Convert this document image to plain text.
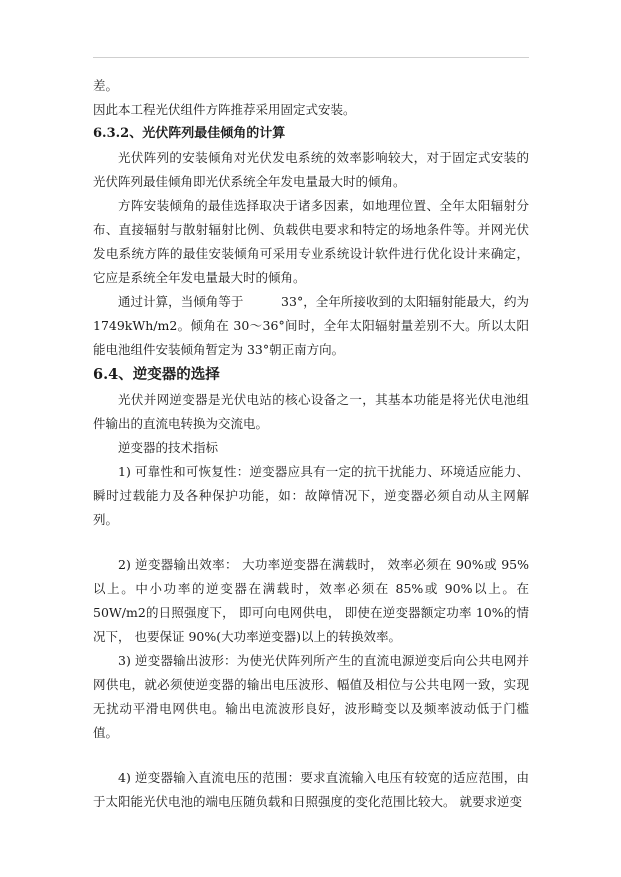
差。

因此本工程光伏组件方阵推荐采用固定式安装。

6.3.2、光伏阵列最佳倾角的计算

光伏阵列的安装倾角对光伏发电系统的效率影响较大，对于固定式安装的光伏阵列最佳倾角即光伏系统全年发电量最大时的倾角。

方阵安装倾角的最佳选择取决于诸多因素，如地理位置、全年太阳辐射分布、直接辐射与散射辐射比例、负载供电要求和特定的场地条件等。并网光伏发电系统方阵的最佳安装倾角可采用专业系统设计软件进行优化设计来确定，它应是系统全年发电量最大时的倾角。

通过计算，当倾角等于　　　33°，全年所接收到的太阳辐射能最大，约为1749kWh/m2。倾角在 30～36°间时，全年太阳辐射量差别不大。所以太阳能电池组件安装倾角暂定为 33°朝正南方向。

6.4、逆变器的选择

光伏并网逆变器是光伏电站的核心设备之一，其基本功能是将光伏电池组件输出的直流电转换为交流电。

逆变器的技术指标

1) 可靠性和可恢复性：逆变器应具有一定的抗干扰能力、环境适应能力、瞬时过载能力及各种保护功能，如：故障情况下，逆变器必须自动从主网解列。

2) 逆变器输出效率： 大功率逆变器在满载时， 效率必须在 90%或 95%以上。中小功率的逆变器在满载时，效率必须在 85%或 90%以上。在 50W/m2的日照强度下， 即可向电网供电， 即使在逆变器额定功率 10%的情况下， 也要保证 90%(大功率逆变器)以上的转换效率。

3) 逆变器输出波形：为使光伏阵列所产生的直流电源逆变后向公共电网并网供电，就必须使逆变器的输出电压波形、幅值及相位与公共电网一致，实现无扰动平滑电网供电。输出电流波形良好，波形畸变以及频率波动低于门槛值。

4) 逆变器输入直流电压的范围：要求直流输入电压有较宽的适应范围，由于太阳能光伏电池的端电压随负载和日照强度的变化范围比较大。 就要求逆变
